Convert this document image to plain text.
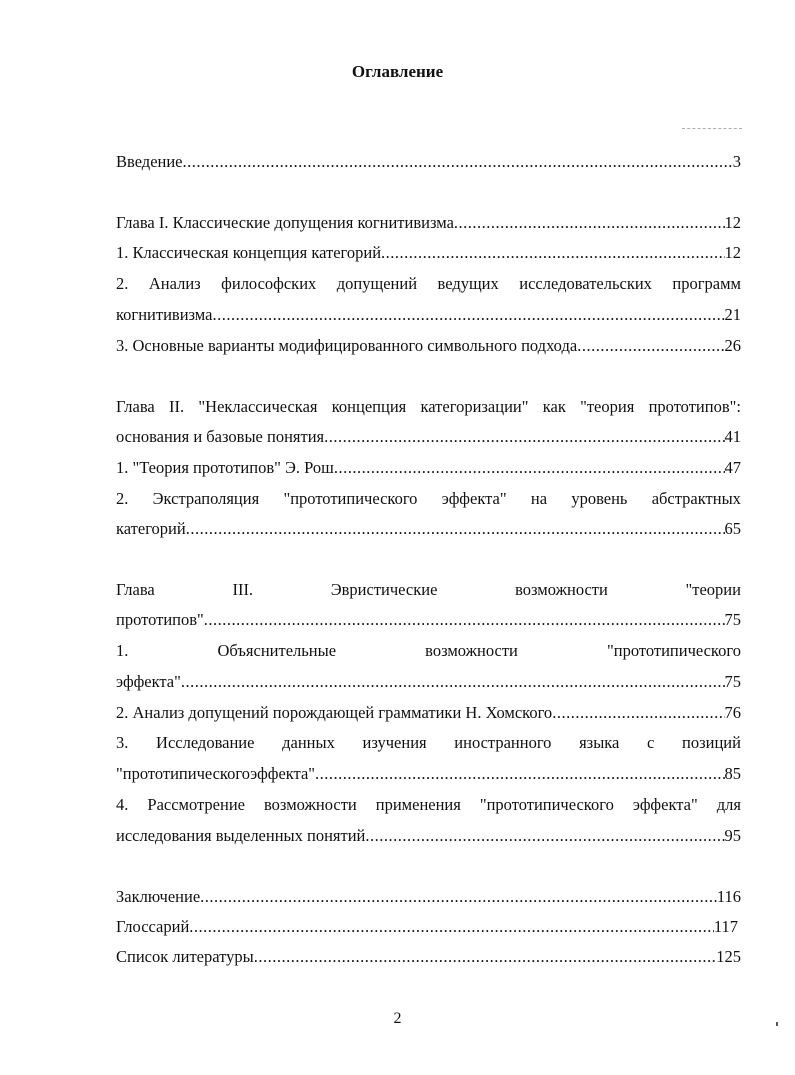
Оглавление
Введение .....	3
Глава I. Классические допущения когнитивизма .....	12
1. Классическая концепция категорий .....	12
2. Анализ философских допущений ведущих исследовательских программ
когнитивизма .....	21
3. Основные варианты модифицированного символьного подхода .....	26
Глава II. "Неклассическая концепция категоризации" как "теория прототипов":
основания и базовые понятия .....	41
1. "Теория прототипов" Э. Рош .....	47
2. Экстраполяция "прототипического эффекта" на уровень абстрактных
категорий .....	65
Глава	III.	Эвристические	возможности	"теории
прототипов" .....	75
1.	Объяснительные	возможности	"прототипического
эффекта" .....	75
2. Анализ допущений порождающей грамматики Н. Хомского .....	76
3. Исследование данных изучения иностранного языка с позиций
"прототипическогоэффекта" .....	85
4. Рассмотрение возможности применения "прототипического эффекта" для
исследования выделенных понятий .....	95
Заключение .....	116
Глоссарий .....	117
Список литературы .....	125
2
